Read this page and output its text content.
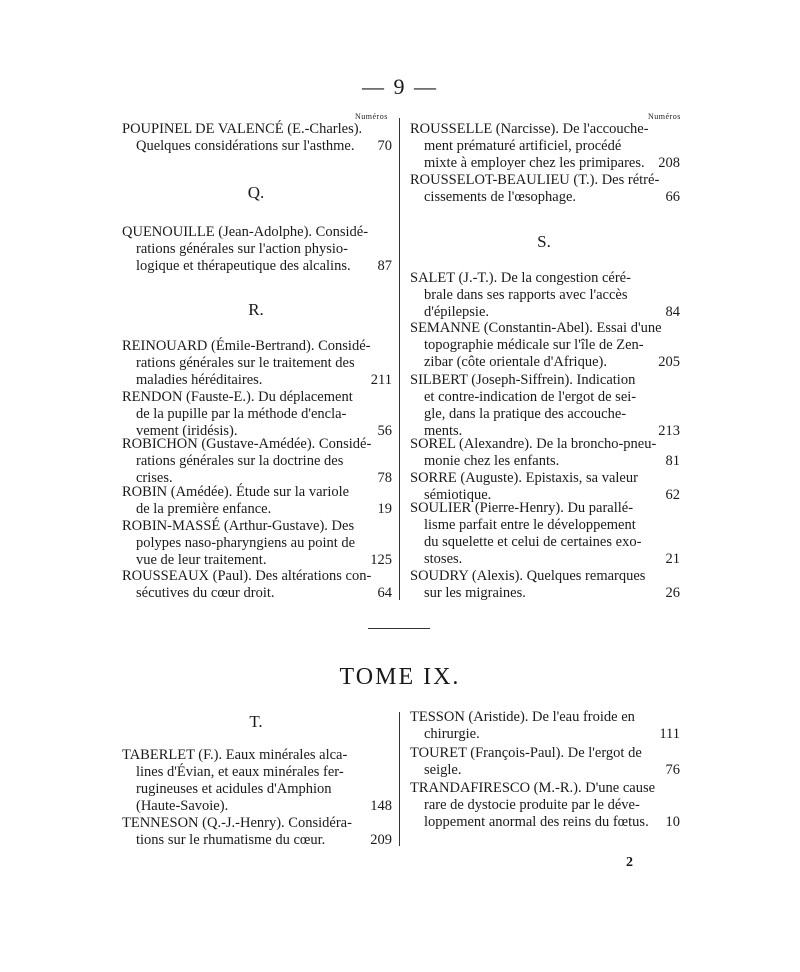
— 9 —
Numéros	Numéros
Q.
R.
S.
T.
POUPINEL DE VALENCÉ (E.-Charles).
Quelques considérations sur l'asthme.	70
QUENOUILLE (Jean-Adolphe). Considé-
rations générales sur l'action physio-
logique et thérapeutique des alcalins.	87
REINOUARD (Émile-Bertrand). Considé-
rations générales sur le traitement des
maladies héréditaires.	211
RENDON (Fauste-E.). Du déplacement
de la pupille par la méthode d'encla-
vement (iridésis).	56
ROBICHON (Gustave-Amédée). Considé-
rations générales sur la doctrine des
crises.	78
ROBIN (Amédée). Étude sur la variole
de la première enfance.	19
ROBIN-MASSÉ (Arthur-Gustave). Des
polypes naso-pharyngiens au point de
vue de leur traitement.	125
ROUSSEAUX (Paul). Des altérations con-
sécutives du cœur droit.	64
ROUSSELLE (Narcisse). De l'accouche-
ment prématuré artificiel, procédé
mixte à employer chez les primipares. 208
ROUSSELOT-BEAULIEU (T.). Des rétré-
cissements de l'œsophage.	66
SALET (J.-T.). De la congestion céré-
brale dans ses rapports avec l'accès
d'épilepsie.	84
SEMANNE (Constantin-Abel). Essai d'une
topographie médicale sur l'île de Zen-
zibar (côte orientale d'Afrique).	205
SILBERT (Joseph-Siffrein). Indication
et contre-indication de l'ergot de sei-
gle, dans la pratique des accouche-
ments.	213
SOREL (Alexandre). De la broncho-pneu-
monie chez les enfants.	81
SORRE (Auguste). Epistaxis, sa valeur
sémiotique.	62
SOULIER (Pierre-Henry). Du parallé-
lisme parfait entre le développement
du squelette et celui de certaines exo-
stoses.	21
SOUDRY (Alexis). Quelques remarques
sur les migraines.	26
TOME IX.
TABERLET (F.). Eaux minérales alca-
lines d'Évian, et eaux minérales fer-
rugineuses et acidules d'Amphion
(Haute-Savoie).	148
TENNESON (Q.-J.-Henry). Considéra-
tions sur le rhumatisme du cœur.	209
TESSON (Aristide). De l'eau froide en
chirurgie.	111
TOURET (François-Paul). De l'ergot de
seigle.	76
TRANDAFIRESCO (M.-R.). D'une cause
rare de dystocie produite par le déve-
loppement anormal des reins du fœtus.	10
2
